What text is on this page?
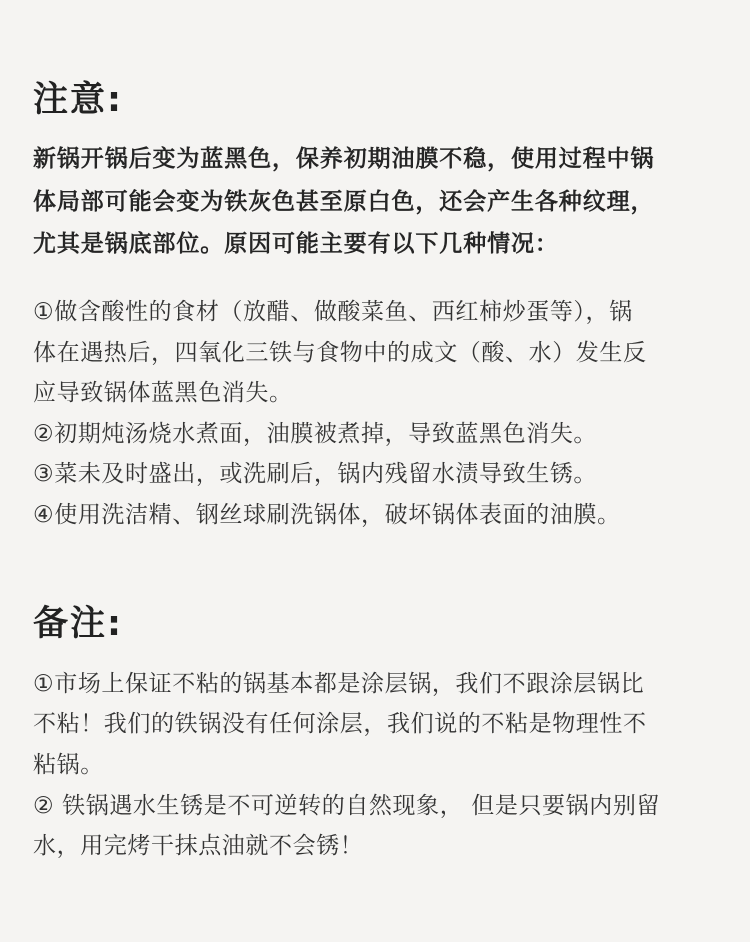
注意:

新锅开锅后变为蓝黑色，保养初期油膜不稳，使用过程中锅

体局部可能会变为铁灰色甚至原白色，还会产生各种纹理，

尤其是锅底部位。原因可能主要有以下几种情况：

①做含酸性的食材（放醋、做酸菜鱼、西红柿炒蛋等），锅

体在遇热后，四氧化三铁与食物中的成文（酸、水）发生反

应导致锅体蓝黑色消失。

②初期炖汤烧水煮面，油膜被煮掉，导致蓝黑色消失。

③菜未及时盛出，或洗刷后，锅内残留水渍导致生锈。

④使用洗洁精、钢丝球刷洗锅体，破坏锅体表面的油膜。

备注:

①市场上保证不粘的锅基本都是涂层锅，我们不跟涂层锅比

不粘！我们的铁锅没有任何涂层，我们说的不粘是物理性不

粘锅。

② 铁锅遇水生锈是不可逆转的自然现象， 但是只要锅内别留

水，用完烤干抹点油就不会锈！
